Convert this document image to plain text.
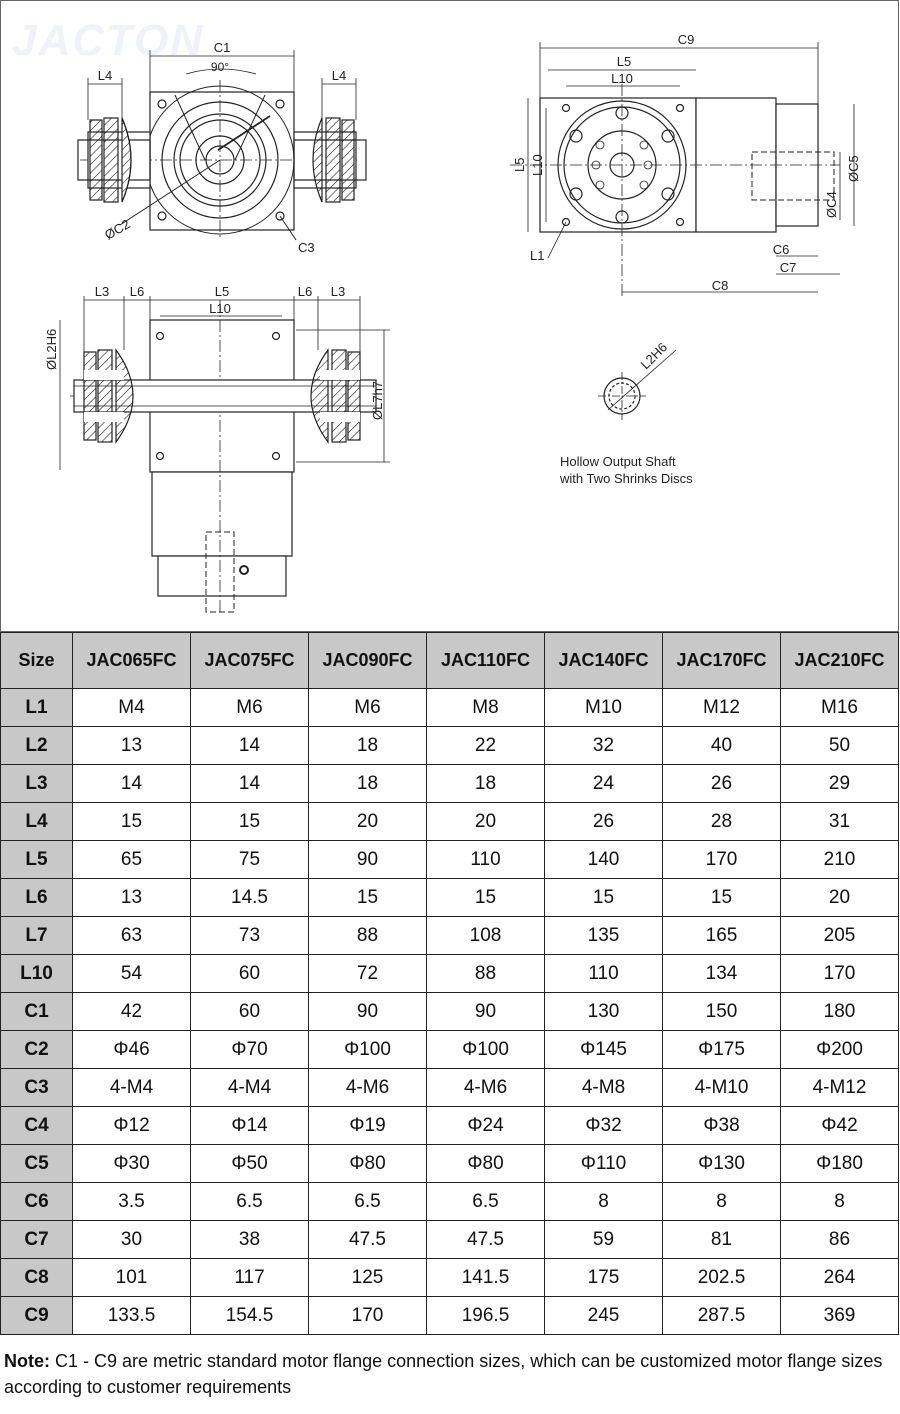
C1
90°
L4	L4
ØC2
C3
L3 L6	L5	L6 L3
L10
ØL2H6
ØL7h7
C9
L5
L10
L5 L10
L1
ØC5
ØC4
C6
C7
C8
L2H6
Hollow Output Shaft
with Two Shrinks Discs
Size	JAC065FC	JAC075FC	JAC090FC	JAC110FC	JAC140FC	JAC170FC	JAC210FC
L1	M4	M6	M6	M8	M10	M12	M16
L2	13	14	18	22	32	40	50
L3	14	14	18	18	24	26	29
L4	15	15	20	20	26	28	31
L5	65	75	90	110	140	170	210
L6	13	14.5	15	15	15	15	20
L7	63	73	88	108	135	165	205
L10	54	60	72	88	110	134	170
C1	42	60	90	90	130	150	180
C2	Φ46	Φ70	Φ100	Φ100	Φ145	Φ175	Φ200
C3	4-M4	4-M4	4-M6	4-M6	4-M8	4-M10	4-M12
C4	Φ12	Φ14	Φ19	Φ24	Φ32	Φ38	Φ42
C5	Φ30	Φ50	Φ80	Φ80	Φ110	Φ130	Φ180
C6	3.5	6.5	6.5	6.5	8	8	8
C7	30	38	47.5	47.5	59	81	86
C8	101	117	125	141.5	175	202.5	264
C9	133.5	154.5	170	196.5	245	287.5	369
Note: C1 - C9 are metric standard motor flange connection sizes, which can be customized motor flange sizes according to customer requirements
